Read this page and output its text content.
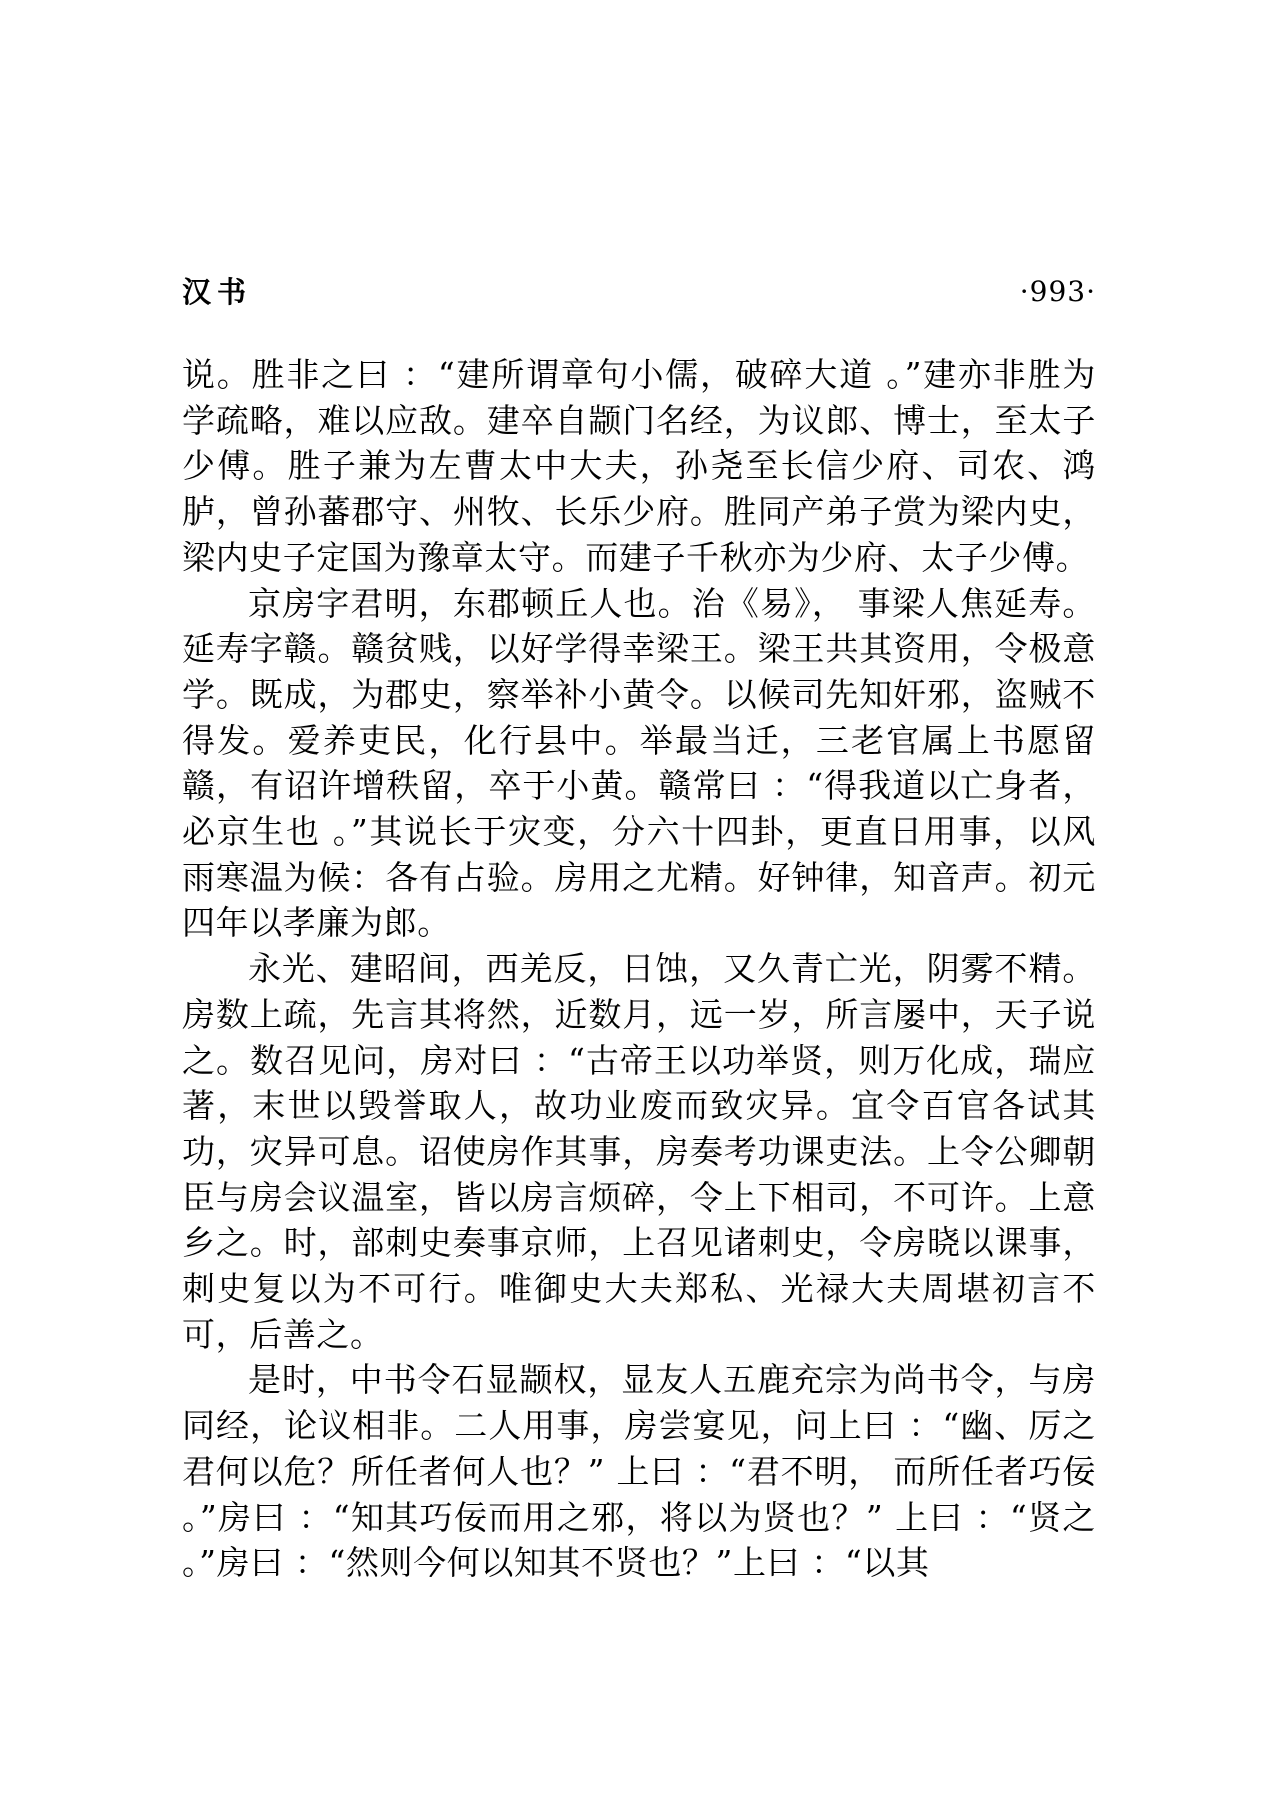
汉书	·993·

说。胜非之曰 ：“建所谓章句小儒，破碎大道 。”建亦非胜为学疏略，难以应敌。建卒自颛门名经，为议郎、博士，至太子少傅。胜子兼为左曹太中大夫，孙尧至长信少府、司农、鸿胪，曾孙蕃郡守、州牧、长乐少府。胜同产弟子赏为梁内史，梁内史子定国为豫章太守。而建子千秋亦为少府、太子少傅。

京房字君明，东郡顿丘人也。治《易》， 事梁人焦延寿。延寿字赣。赣贫贱，以好学得幸梁王。梁王共其资用，令极意学。既成，为郡史，察举补小黄令。以候司先知奸邪，盗贼不得发。爱养吏民，化行县中。举最当迁，三老官属上书愿留赣，有诏许增秩留，卒于小黄。赣常曰 ：“得我道以亡身者，必京生也 。”其说长于灾变，分六十四卦，更直日用事，以风雨寒温为候：各有占验。房用之尤精。好钟律，知音声。初元四年以孝廉为郎。

永光、建昭间，西羌反，日蚀，又久青亡光，阴雾不精。房数上疏，先言其将然，近数月，远一岁，所言屡中，天子说之。数召见问，房对曰 ：“古帝王以功举贤，则万化成，瑞应著，末世以毁誉取人，故功业废而致灾异。宜令百官各试其功，灾异可息。诏使房作其事，房奏考功课吏法。上令公卿朝臣与房会议温室，皆以房言烦碎，令上下相司，不可许。上意乡之。时，部刺史奏事京师，上召见诸刺史，令房晓以课事，刺史复以为不可行。唯御史大夫郑私、光禄大夫周堪初言不可，后善之。

是时，中书令石显颛权，显友人五鹿充宗为尚书令，与房同经，论议相非。二人用事，房尝宴见，问上曰 ：“幽、厉之君何以危？所任者何人也？” 上曰 ：“君不明， 而所任者巧佞 。”房曰 ：“知其巧佞而用之邪，将以为贤也？” 上曰 ：“贤之 。”房曰 ：“然则今何以知其不贤也？”上曰 ：“以其
